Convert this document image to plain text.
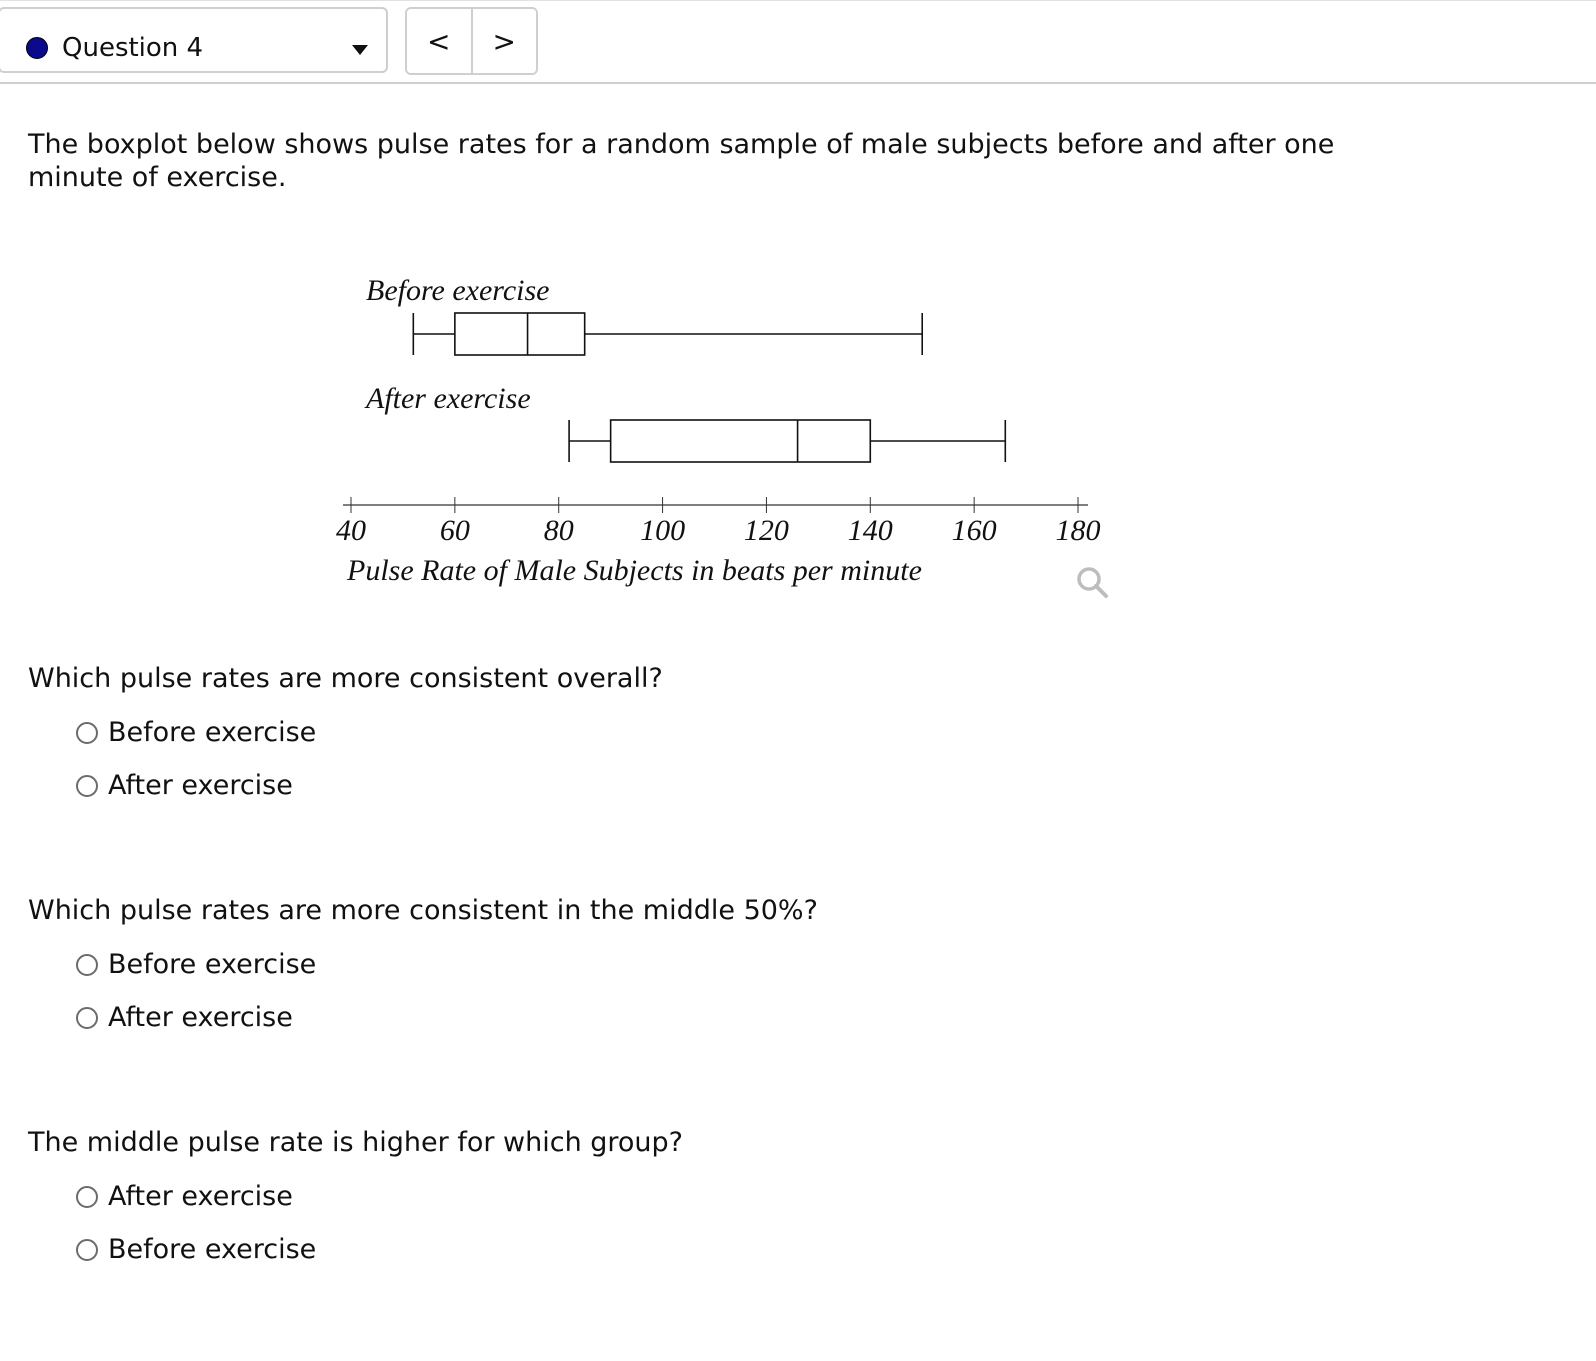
Question 4	<	>
The boxplot below shows pulse rates for a random sample of male subjects before and after one minute of exercise.
40 60 80 100 120 140 160 180
Pulse Rate of Male Subjects in beats per minute
Before exercise
After exercise
Which pulse rates are more consistent overall?
Before exercise
After exercise
Which pulse rates are more consistent in the middle 50%?
Before exercise
After exercise
The middle pulse rate is higher for which group?
After exercise
Before exercise
